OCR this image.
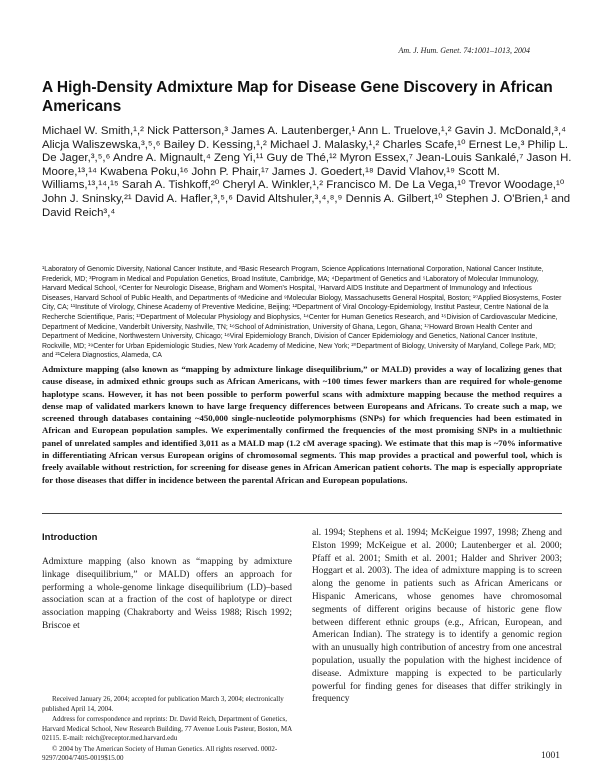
Am. J. Hum. Genet. 74:1001–1013, 2004
A High-Density Admixture Map for Disease Gene Discovery in African Americans
Michael W. Smith,¹,² Nick Patterson,³ James A. Lautenberger,¹ Ann L. Truelove,¹,² Gavin J. McDonald,³,⁴ Alicja Waliszewska,³,⁵,⁶ Bailey D. Kessing,¹,² Michael J. Malasky,¹,² Charles Scafe,¹⁰ Ernest Le,³ Philip L. De Jager,³,⁵,⁶ Andre A. Mignault,⁴ Zeng Yi,¹¹ Guy de Thé,¹² Myron Essex,⁷ Jean-Louis Sankalé,⁷ Jason H. Moore,¹³,¹⁴ Kwabena Poku,¹⁶ John P. Phair,¹⁷ James J. Goedert,¹⁸ David Vlahov,¹⁹ Scott M. Williams,¹³,¹⁴,¹⁵ Sarah A. Tishkoff,²⁰ Cheryl A. Winkler,¹,² Francisco M. De La Vega,¹⁰ Trevor Woodage,¹⁰ John J. Sninsky,²¹ David A. Hafler,³,⁵,⁶ David Altshuler,³,⁴,⁸,⁹ Dennis A. Gilbert,¹⁰ Stephen J. O'Brien,¹ and David Reich³,⁴
¹Laboratory of Genomic Diversity, National Cancer Institute, and ²Basic Research Program, Science Applications International Corporation, National Cancer Institute, Frederick, MD; ³Program in Medical and Population Genetics, Broad Institute, Cambridge, MA; ⁴Department of Genetics and ⁵Laboratory of Molecular Immunology, Harvard Medical School, ⁶Center for Neurologic Disease, Brigham and Women's Hospital, ⁷Harvard AIDS Institute and Department of Immunology and Infectious Diseases, Harvard School of Public Health, and Departments of ⁸Medicine and ⁹Molecular Biology, Massachusetts General Hospital, Boston; ¹⁰Applied Biosystems, Foster City, CA; ¹¹Institute of Virology, Chinese Academy of Preventive Medicine, Beijing; ¹²Department of Viral Oncology-Epidemiology, Institut Pasteur, Centre National de la Recherche Scientifique, Paris; ¹³Department of Molecular Physiology and Biophysics, ¹⁴Center for Human Genetics Research, and ¹⁵Division of Cardiovascular Medicine, Department of Medicine, Vanderbilt University, Nashville, TN; ¹⁶School of Administration, University of Ghana, Legon, Ghana; ¹⁷Howard Brown Health Center and Department of Medicine, Northwestern University, Chicago; ¹⁸Viral Epidemiology Branch, Division of Cancer Epidemiology and Genetics, National Cancer Institute, Rockville, MD; ¹⁹Center for Urban Epidemiologic Studies, New York Academy of Medicine, New York; ²⁰Department of Biology, University of Maryland, College Park, MD; and ²¹Celera Diagnostics, Alameda, CA
Admixture mapping (also known as “mapping by admixture linkage disequilibrium,” or MALD) provides a way of localizing genes that cause disease, in admixed ethnic groups such as African Americans, with ~100 times fewer markers than are required for whole-genome haplotype scans. However, it has not been possible to perform powerful scans with admixture mapping because the method requires a dense map of validated markers known to have large frequency differences between Europeans and Africans. To create such a map, we screened through databases containing ~450,000 single-nucleotide polymorphisms (SNPs) for which frequencies had been estimated in African and European population samples. We experimentally confirmed the frequencies of the most promising SNPs in a multiethnic panel of unrelated samples and identified 3,011 as a MALD map (1.2 cM average spacing). We estimate that this map is ~70% informative in differentiating African versus European origins of chromosomal segments. This map provides a practical and powerful tool, which is freely available without restriction, for screening for disease genes in African American patient cohorts. The map is especially appropriate for those diseases that differ in incidence between the parental African and European populations.
Introduction
Admixture mapping (also known as “mapping by admixture linkage disequilibrium,” or MALD) offers an approach for performing a whole-genome linkage disequilibrium (LD)–based association scan at a fraction of the cost of haplotype or direct association mapping (Chakraborty and Weiss 1988; Risch 1992; Briscoe et
al. 1994; Stephens et al. 1994; McKeigue 1997, 1998; Zheng and Elston 1999; McKeigue et al. 2000; Lautenberger et al. 2000; Pfaff et al. 2001; Smith et al. 2001; Halder and Shriver 2003; Hoggart et al. 2003). The idea of admixture mapping is to screen along the genome in patients such as African Americans or Hispanic Americans, whose genomes have chromosomal segments of different origins because of historic gene flow between different ethnic groups (e.g., African, European, and American Indian). The strategy is to identify a genomic region with an unusually high contribution of ancestry from one ancestral population, usually the population with the highest incidence of disease. Admixture mapping is expected to be particularly powerful for finding genes for diseases that differ strikingly in frequency

Received January 26, 2004; accepted for publication March 3, 2004; electronically published April 14, 2004.

Address for correspondence and reprints: Dr. David Reich, Department of Genetics, Harvard Medical School, New Research Building, 77 Avenue Louis Pasteur, Boston, MA 02115. E-mail: reich@receptor.med.harvard.edu

© 2004 by The American Society of Human Genetics. All rights reserved. 0002-9297/2004/7405-0019$15.00	1001
